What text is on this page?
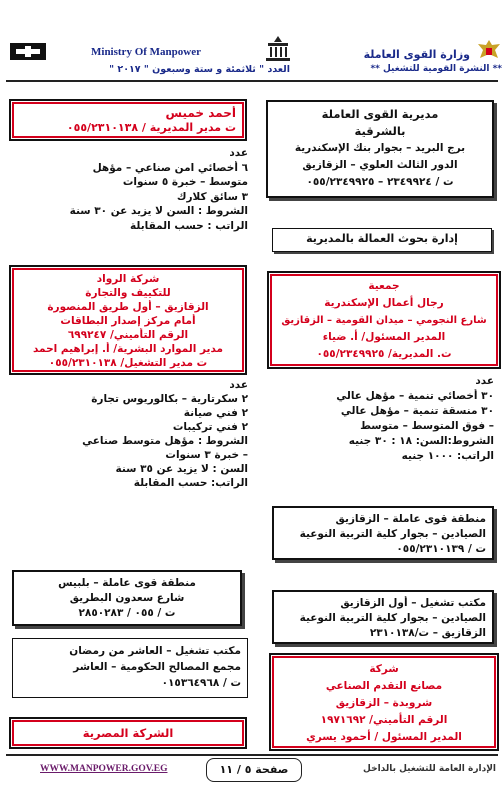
Ministry Of Manpower	وزارة القوى العاملة
العدد " ثلاثمئة و ستة وسبعون " ٢٠١٧ "	** النشرة القومية للتشغيل **
أحمد خميس
ت مدير المديرية / ٠٥٥/٢٣١٠١٣٨
عدد
٦ أخصائي امن صناعي – مؤهل
متوسط – خبرة ٥ سنوات
٣ سائق كلارك
الشروط : السن لا يزيد عن ٣٠ سنة
الراتب : حسب المقابلة
شركة الرواد
للتكييف والتجارة
الزقازيق – أول طريق المنصورة
أمام مركز إصدار البطاقات
الرقم التأميني/ ٦٩٩٢٤٧
مدير الموارد البشرية/ أ. إبراهيم احمد
ت مدير التشغيل/ ٠٥٥/٢٣١٠١٣٨
عدد
٢ سكرتارية – بكالوريوس تجارة
٢ فني صيانة
٢ فني تركيبات
الشروط : مؤهل متوسط صناعي
– خبرة ٣ سنوات
السن : لا يزيد عن ٣٥ سنة
الراتب: حسب المقابلة
منطقة قوى عاملة – بلبيس
شارع سعدون البطريق
ت / ٠٥٥ / ٢٨٥٠٢٨٣
مكتب تشغيل – العاشر من رمضان
مجمع المصالح الحكومية – العاشر
ت / ٠١٥٣٦٤٩٦٨
الشركة المصرية
مديرية القوى العاملة
بالشرقية
برج البريد – بجوار بنك الإسكندرية
الدور الثالث العلوي – الزقازيق
ت / ٢٣٤٩٩٢٤ – ٠٥٥/٢٣٤٩٩٢٥
إدارة بحوث العمالة بالمديرية
جمعية
رجال أعمال الإسكندرية
شارع النجومي – ميدان القومية – الزقازيق
المدير المسئول/ أ. ضياء
ت. المديرية/ ٠٥٥/٢٣٤٩٩٢٥
عدد
٣٠ أخصائي تنمية – مؤهل عالي
٣٠ منسقة تنمية – مؤهل عالي
– فوق المتوسط – متوسط
الشروط:السن: ١٨ : ٣٠ جنيه
الراتب: ١٠٠٠ جنيه
منطقة قوى عاملة – الزقازيق
الصيادين – بجوار كلية التربية النوعية
ت / ٠٥٥/٢٣١٠١٣٩
مكتب تشغيل – أول الزقازيق
الصيادين – بجوار كلية التربية النوعية
الزقازيق – ت/٢٣١٠١٣٨
شركة
مصانع التقدم الصناعي
شروبدة – الزقازيق
الرقم التأميني/ ١٩٧١٦٩٢
المدير المسئول / أحمود يسري
WWW.MANPOWER.GOV.EG	صفحة ٥ / ١١	الإدارة العامة للتشغيل بالداخل
